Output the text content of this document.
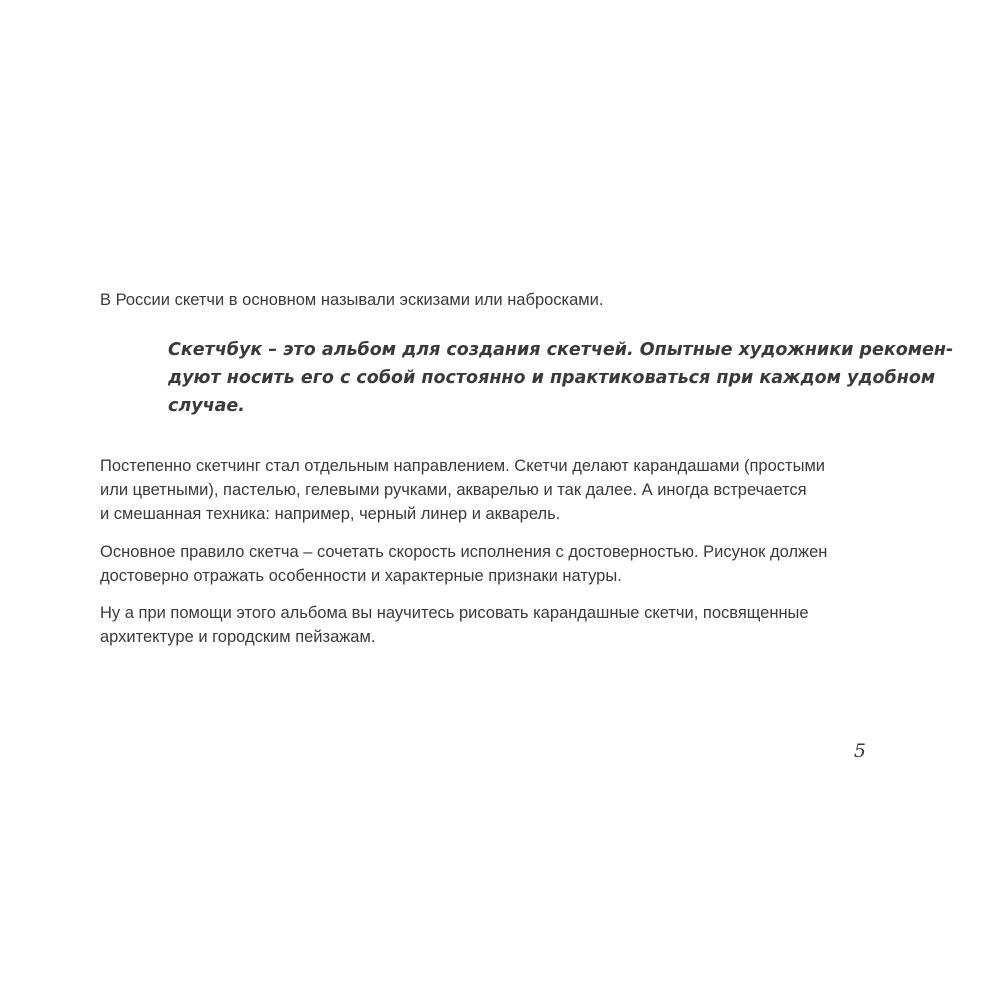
В России скетчи в основном называли эскизами или набросками.

Скетчбук – это альбом для создания скетчей. Опытные художники рекомен-
дуют носить его с собой постоянно и практиковаться при каждом удобном
случае.

Постепенно скетчинг стал отдельным направлением. Скетчи делают карандашами (простыми
или цветными), пастелью, гелевыми ручками, акварелью и так далее. А иногда встречается
и смешанная техника: например, черный линер и акварель.

Основное правило скетча – сочетать скорость исполнения с достоверностью. Рисунок должен
достоверно отражать особенности и характерные признаки натуры.

Ну а при помощи этого альбома вы научитесь рисовать карандашные скетчи, посвященные
архитектуре и городским пейзажам.

5
